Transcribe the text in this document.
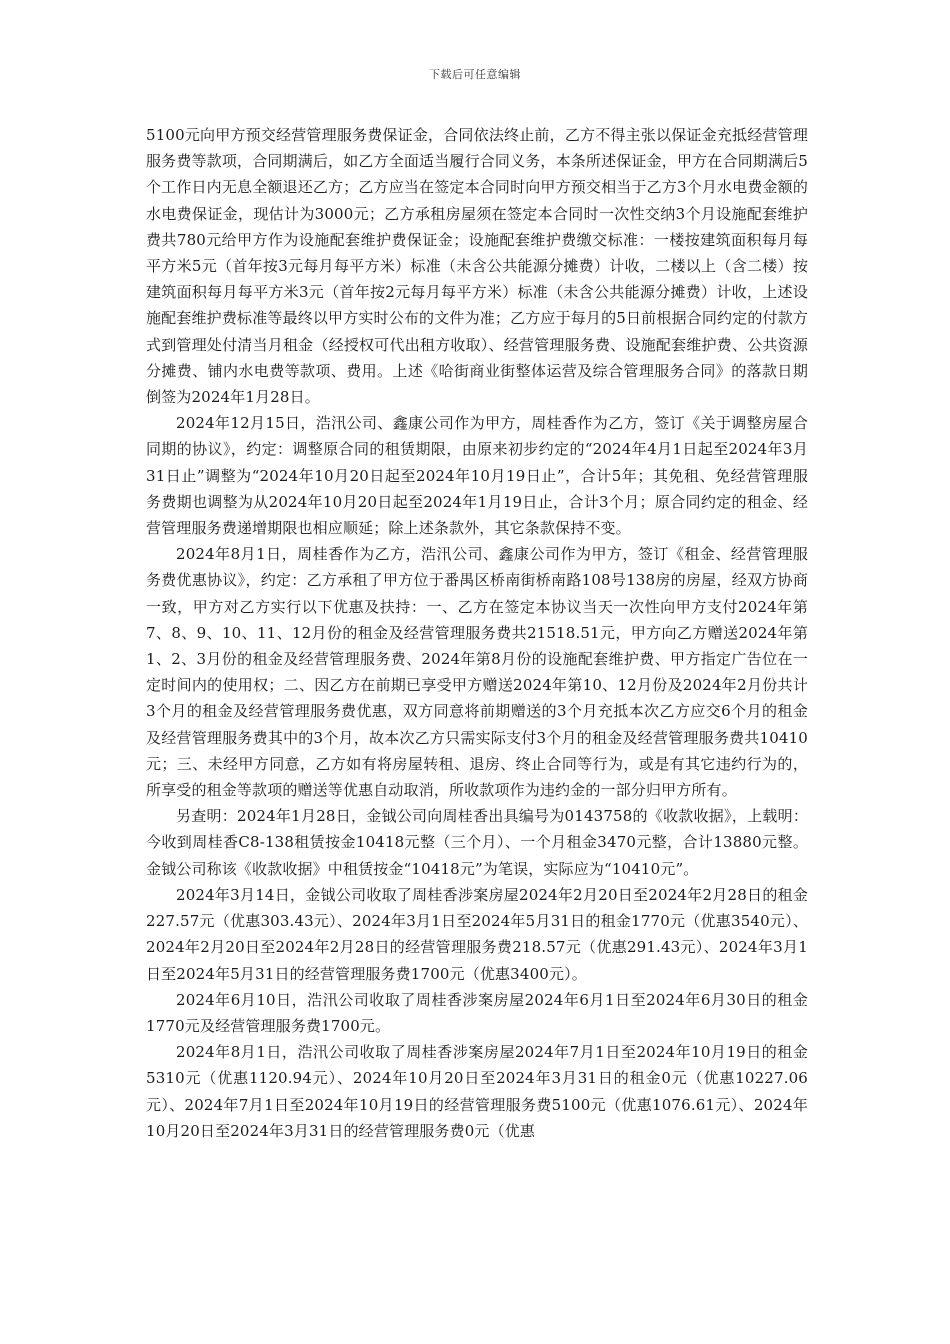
下载后可任意编辑

5100元向甲方预交经营管理服务费保证金，合同依法终止前，乙方不得主张以保证金充抵经营管理服务费等款项，合同期满后，如乙方全面适当履行合同义务，本条所述保证金，甲方在合同期满后5个工作日内无息全额退还乙方；乙方应当在签定本合同时向甲方预交相当于乙方3个月水电费金额的水电费保证金，现估计为3000元；乙方承租房屋须在签定本合同时一次性交纳3个月设施配套维护费共780元给甲方作为设施配套维护费保证金；设施配套维护费缴交标准：一楼按建筑面积每月每平方米5元（首年按3元每月每平方米）标准（未含公共能源分摊费）计收，二楼以上（含二楼）按建筑面积每月每平方米3元（首年按2元每月每平方米）标准（未含公共能源分摊费）计收，上述设施配套维护费标准等最终以甲方实时公布的文件为准；乙方应于每月的5日前根据合同约定的付款方式到管理处付清当月租金（经授权可代出租方收取）、经营管理服务费、设施配套维护费、公共资源分摊费、铺内水电费等款项、费用。上述《哈街商业街整体运营及综合管理服务合同》的落款日期倒签为2024年1月28日。

2024年12月15日，浩汛公司、鑫康公司作为甲方，周桂香作为乙方，签订《关于调整房屋合同期的协议》，约定：调整原合同的租赁期限，由原来初步约定的“2024年4月1日起至2024年3月31日止”调整为“2024年10月20日起至2024年10月19日止”，合计5年；其免租、免经营管理服务费期也调整为从2024年10月20日起至2024年1月19日止，合计3个月；原合同约定的租金、经营管理服务费递增期限也相应顺延；除上述条款外，其它条款保持不变。

2024年8月1日，周桂香作为乙方，浩汛公司、鑫康公司作为甲方，签订《租金、经营管理服务费优惠协议》，约定：乙方承租了甲方位于番禺区桥南街桥南路108号138房的房屋，经双方协商一致，甲方对乙方实行以下优惠及扶持：一、乙方在签定本协议当天一次性向甲方支付2024年第7、8、9、10、11、12月份的租金及经营管理服务费共21518.51元，甲方向乙方赠送2024年第1、2、3月份的租金及经营管理服务费、2024年第8月份的设施配套维护费、甲方指定广告位在一定时间内的使用权；二、因乙方在前期已享受甲方赠送2024年第10、12月份及2024年2月份共计3个月的租金及经营管理服务费优惠，双方同意将前期赠送的3个月充抵本次乙方应交6个月的租金及经营管理服务费其中的3个月，故本次乙方只需实际支付3个月的租金及经营管理服务费共10410元；三、未经甲方同意，乙方如有将房屋转租、退房、终止合同等行为，或是有其它违约行为的，所享受的租金等款项的赠送等优惠自动取消，所收款项作为违约金的一部分归甲方所有。

另查明：2024年1月28日，金钺公司向周桂香出具编号为0143758的《收款收据》，上载明：今收到周桂香C8-138租赁按金10418元整（三个月）、一个月租金3470元整，合计13880元整。金钺公司称该《收款收据》中租赁按金“10418元”为笔误，实际应为“10410元”。

2024年3月14日，金钺公司收取了周桂香涉案房屋2024年2月20日至2024年2月28日的租金227.57元（优惠303.43元）、2024年3月1日至2024年5月31日的租金1770元（优惠3540元）、2024年2月20日至2024年2月28日的经营管理服务费218.57元（优惠291.43元）、2024年3月1日至2024年5月31日的经营管理服务费1700元（优惠3400元）。

2024年6月10日，浩汛公司收取了周桂香涉案房屋2024年6月1日至2024年6月30日的租金1770元及经营管理服务费1700元。

2024年8月1日，浩汛公司收取了周桂香涉案房屋2024年7月1日至2024年10月19日的租金5310元（优惠1120.94元）、2024年10月20日至2024年3月31日的租金0元（优惠10227.06元）、2024年7月1日至2024年10月19日的经营管理服务费5100元（优惠1076.61元）、2024年10月20日至2024年3月31日的经营管理服务费0元（优惠
